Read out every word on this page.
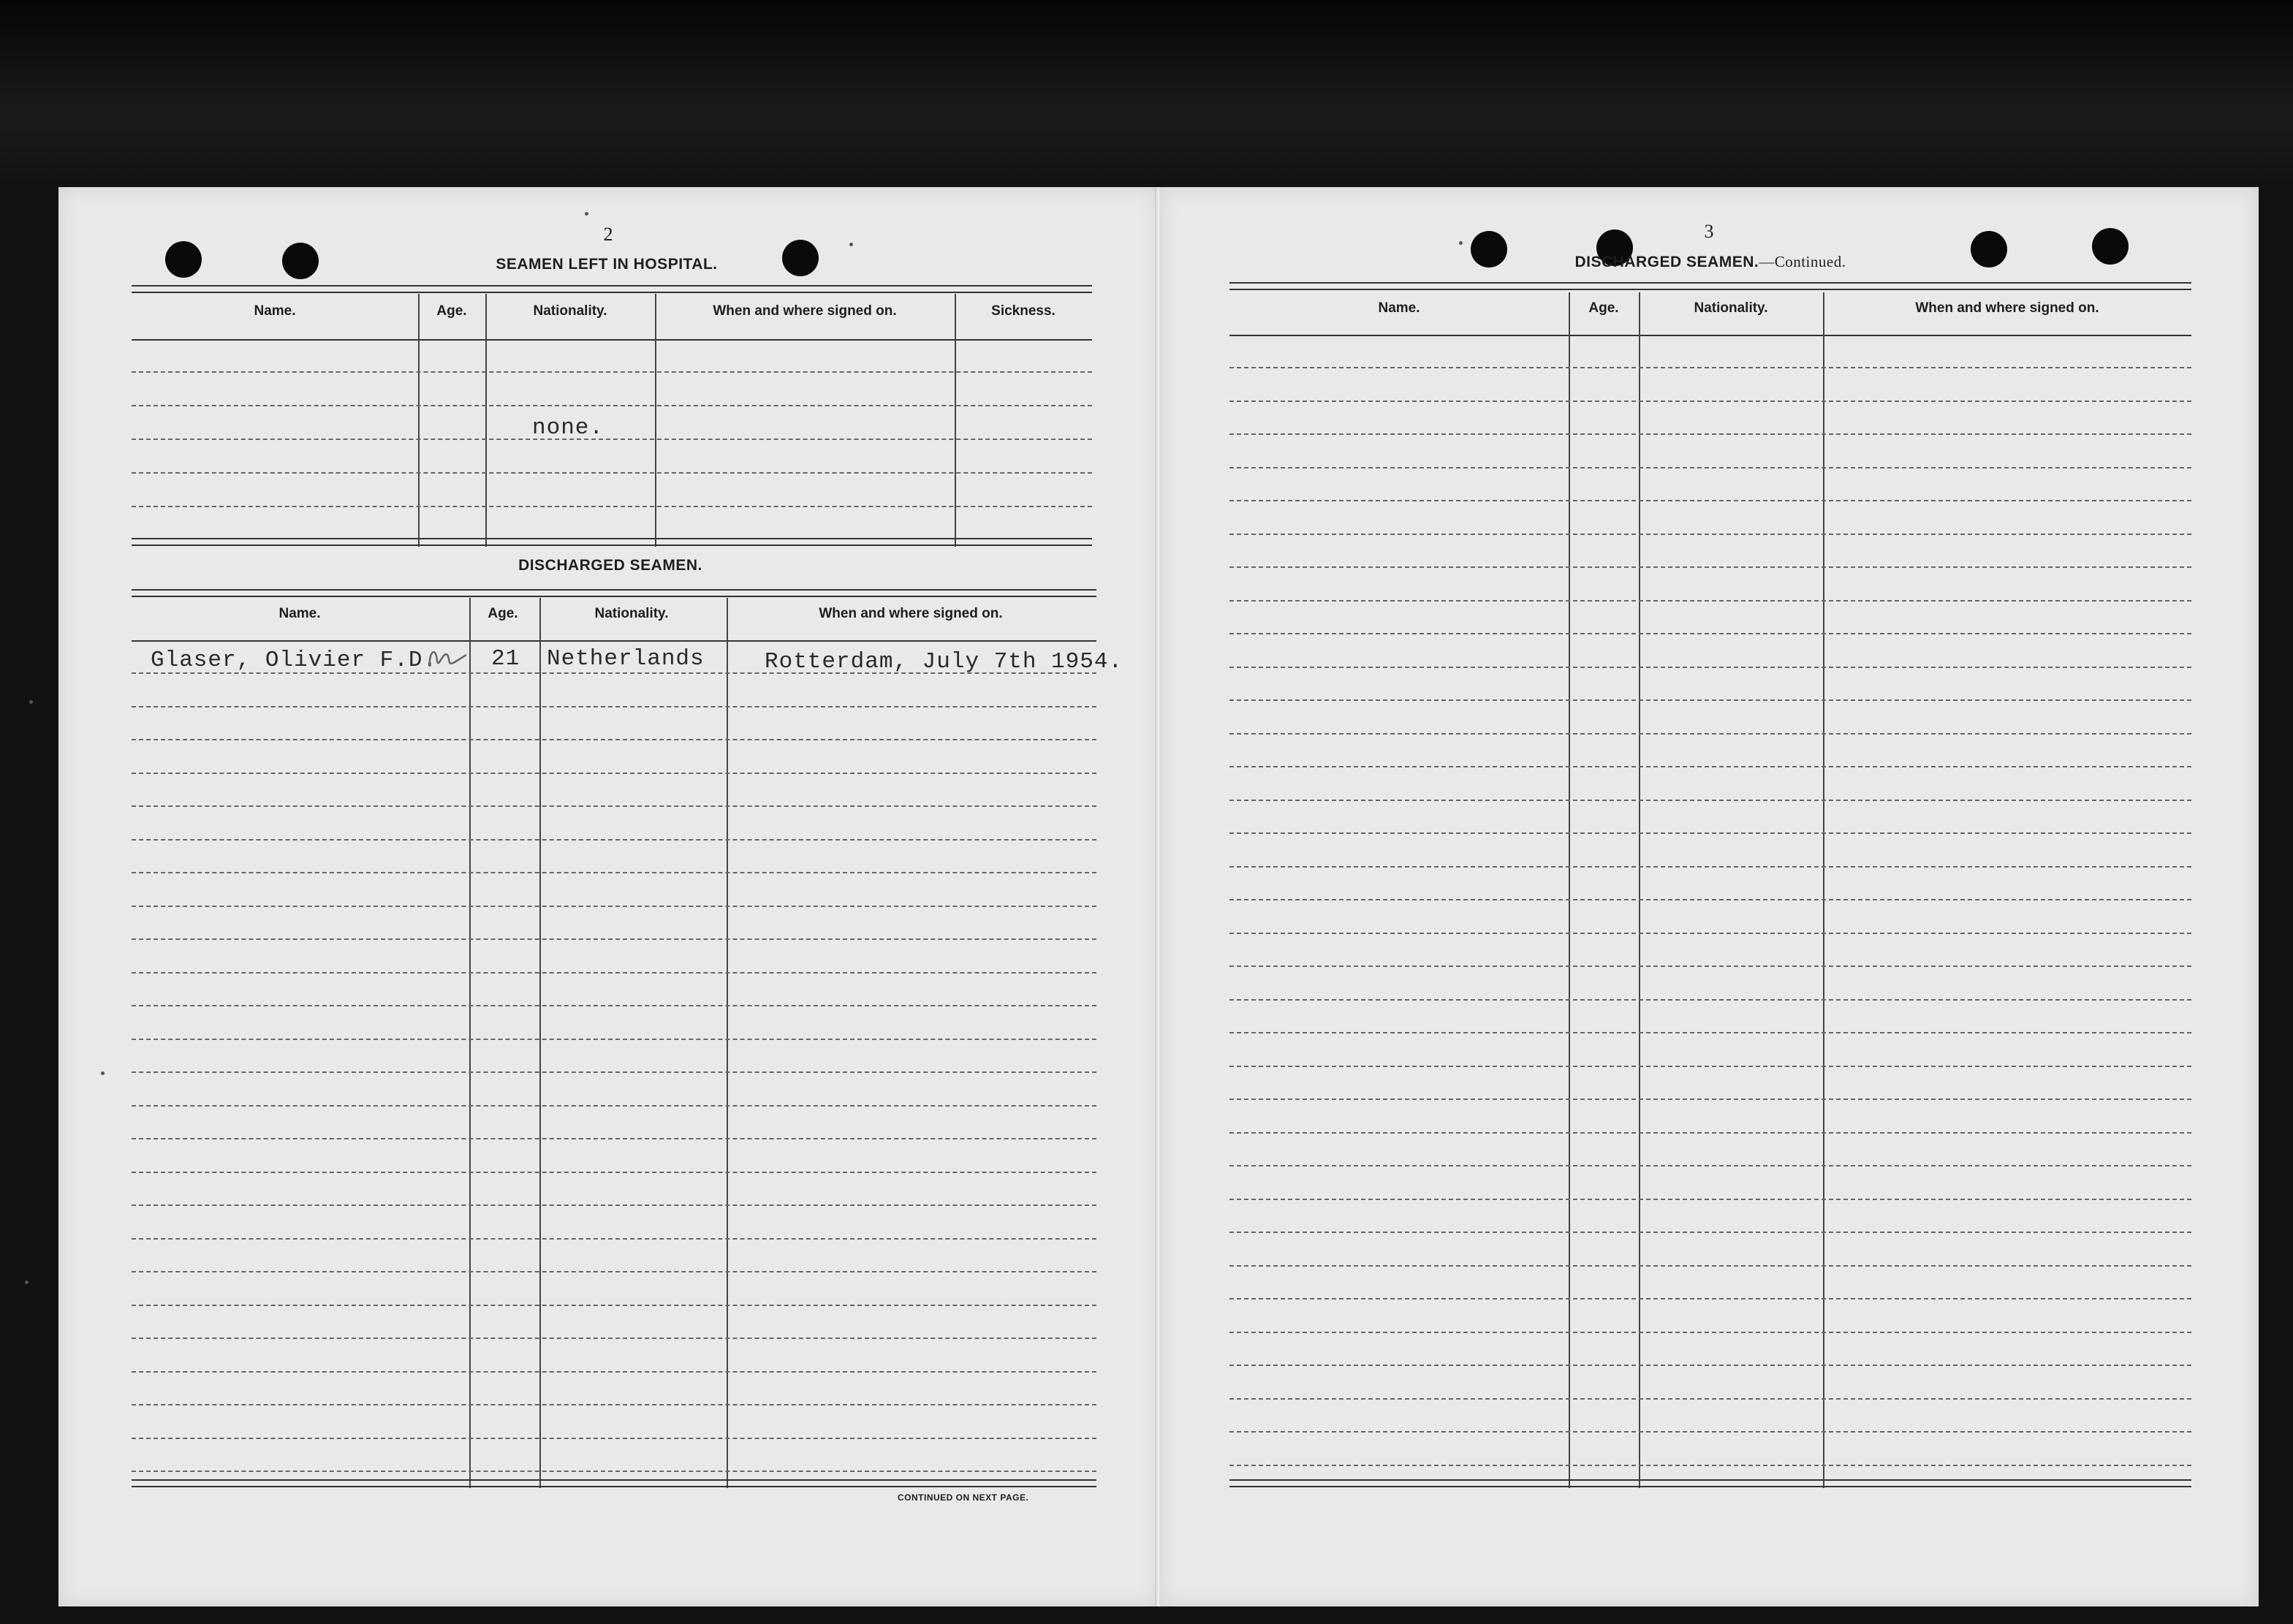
2
SEAMEN LEFT IN HOSPITAL.
Name.	Age.	Nationality.	When and where signed on.	Sickness.
none.
DISCHARGED SEAMEN.
Name.	Age.	Nationality.	When and where signed on.
Glaser, Olivier F.D. 21 Netherlands	Rotterdam, July 7th 1954.
CONTINUED ON NEXT PAGE.
3
DISCHARGED SEAMEN.—Continued.
Name.	Age.	Nationality.	When and where signed on.
